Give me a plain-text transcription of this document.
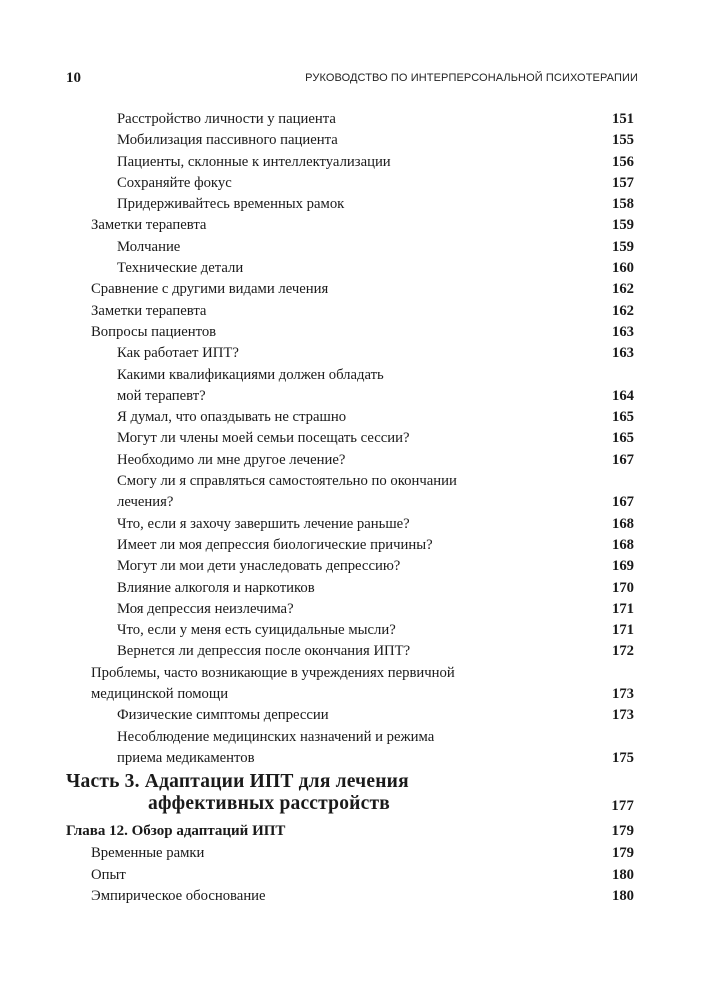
10	РУКОВОДСТВО ПО ИНТЕРПЕРСОНАЛЬНОЙ ПСИХОТЕРАПИИ
Расстройство личности у пациента	151
Мобилизация пассивного пациента	155
Пациенты, склонные к интеллектуализации	156
Сохраняйте фокус	157
Придерживайтесь временных рамок	158
Заметки терапевта	159
Молчание	159
Технические детали	160
Сравнение с другими видами лечения	162
Заметки терапевта	162
Вопросы пациентов	163
Как работает ИПТ?	163
Какими квалификациями должен обладать
мой терапевт?	164
Я думал, что опаздывать не страшно	165
Могут ли члены моей семьи посещать сессии?	165
Необходимо ли мне другое лечение?	167
Смогу ли я справляться самостоятельно по окончании
лечения?	167
Что, если я захочу завершить лечение раньше?	168
Имеет ли моя депрессия биологические причины?	168
Могут ли мои дети унаследовать депрессию?	169
Влияние алкоголя и наркотиков	170
Моя депрессия неизлечима?	171
Что, если у меня есть суицидальные мысли?	171
Вернется ли депрессия после окончания ИПТ?	172
Проблемы, часто возникающие в учреждениях первичной
медицинской помощи	173
Физические симптомы депрессии	173
Несоблюдение медицинских назначений и режима
приема медикаментов	175
Часть 3. Адаптации ИПТ для лечения
аффективных расстройств	177
Глава 12. Обзор адаптаций ИПТ	179
Временные рамки	179
Опыт	180
Эмпирическое обоснование	180
